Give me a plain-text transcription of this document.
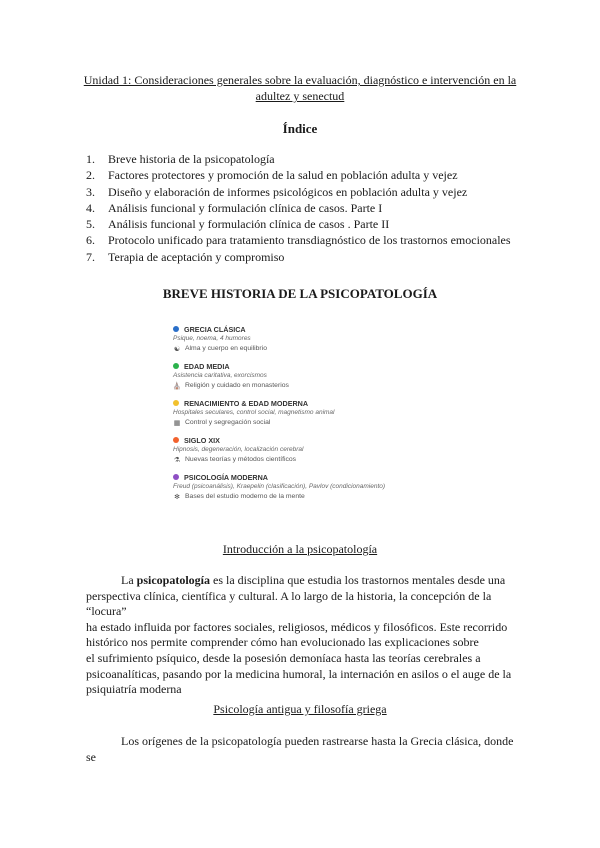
Unidad 1: Consideraciones generales sobre la evaluación, diagnóstico e intervención en la
adultez y senectud
Índice
1.	Breve historia de la psicopatología
2.	Factores protectores y promoción de la salud en población adulta y vejez
3.	Diseño y elaboración de informes psicológicos en población adulta y vejez
4.	Análisis funcional y formulación clínica de casos. Parte I
5.	Análisis funcional y formulación clínica de casos . Parte II
6.	Protocolo unificado para tratamiento transdiagnóstico de los trastornos emocionales
7.	Terapia de aceptación y compromiso
BREVE HISTORIA DE LA PSICOPATOLOGÍA
GRECIA CLÁSICA
Psique, noema, 4 humores
☯ Alma y cuerpo en equilibrio
EDAD MEDIA
Asistencia caritativa, exorcismos
⛪ Religión y cuidado en monasterios
RENACIMIENTO & EDAD MODERNA
Hospitales seculares, control social, magnetismo animal
▦ Control y segregación social
SIGLO XIX
Hipnosis, degeneración, localización cerebral
⚗ Nuevas teorías y métodos científicos
PSICOLOGÍA MODERNA
Freud (psicoanálisis), Kraepelin (clasificación), Pavlov (condicionamiento)
✻ Bases del estudio moderno de la mente
Introducción a la psicopatología
La psicopatología es la disciplina que estudia los trastornos mentales desde una
perspectiva clínica, científica y cultural. A lo largo de la historia, la concepción de la “locura”
ha estado influida por factores sociales, religiosos, médicos y filosóficos. Este recorrido
histórico nos permite comprender cómo han evolucionado las explicaciones sobre
el sufrimiento psíquico, desde la posesión demoníaca hasta las teorías cerebrales a
psicoanalíticas, pasando por la medicina humoral, la internación en asilos o el auge de la
psiquiatría moderna
Psicología antigua y filosofía griega
Los orígenes de la psicopatología pueden rastrearse hasta la Grecia clásica, donde se
